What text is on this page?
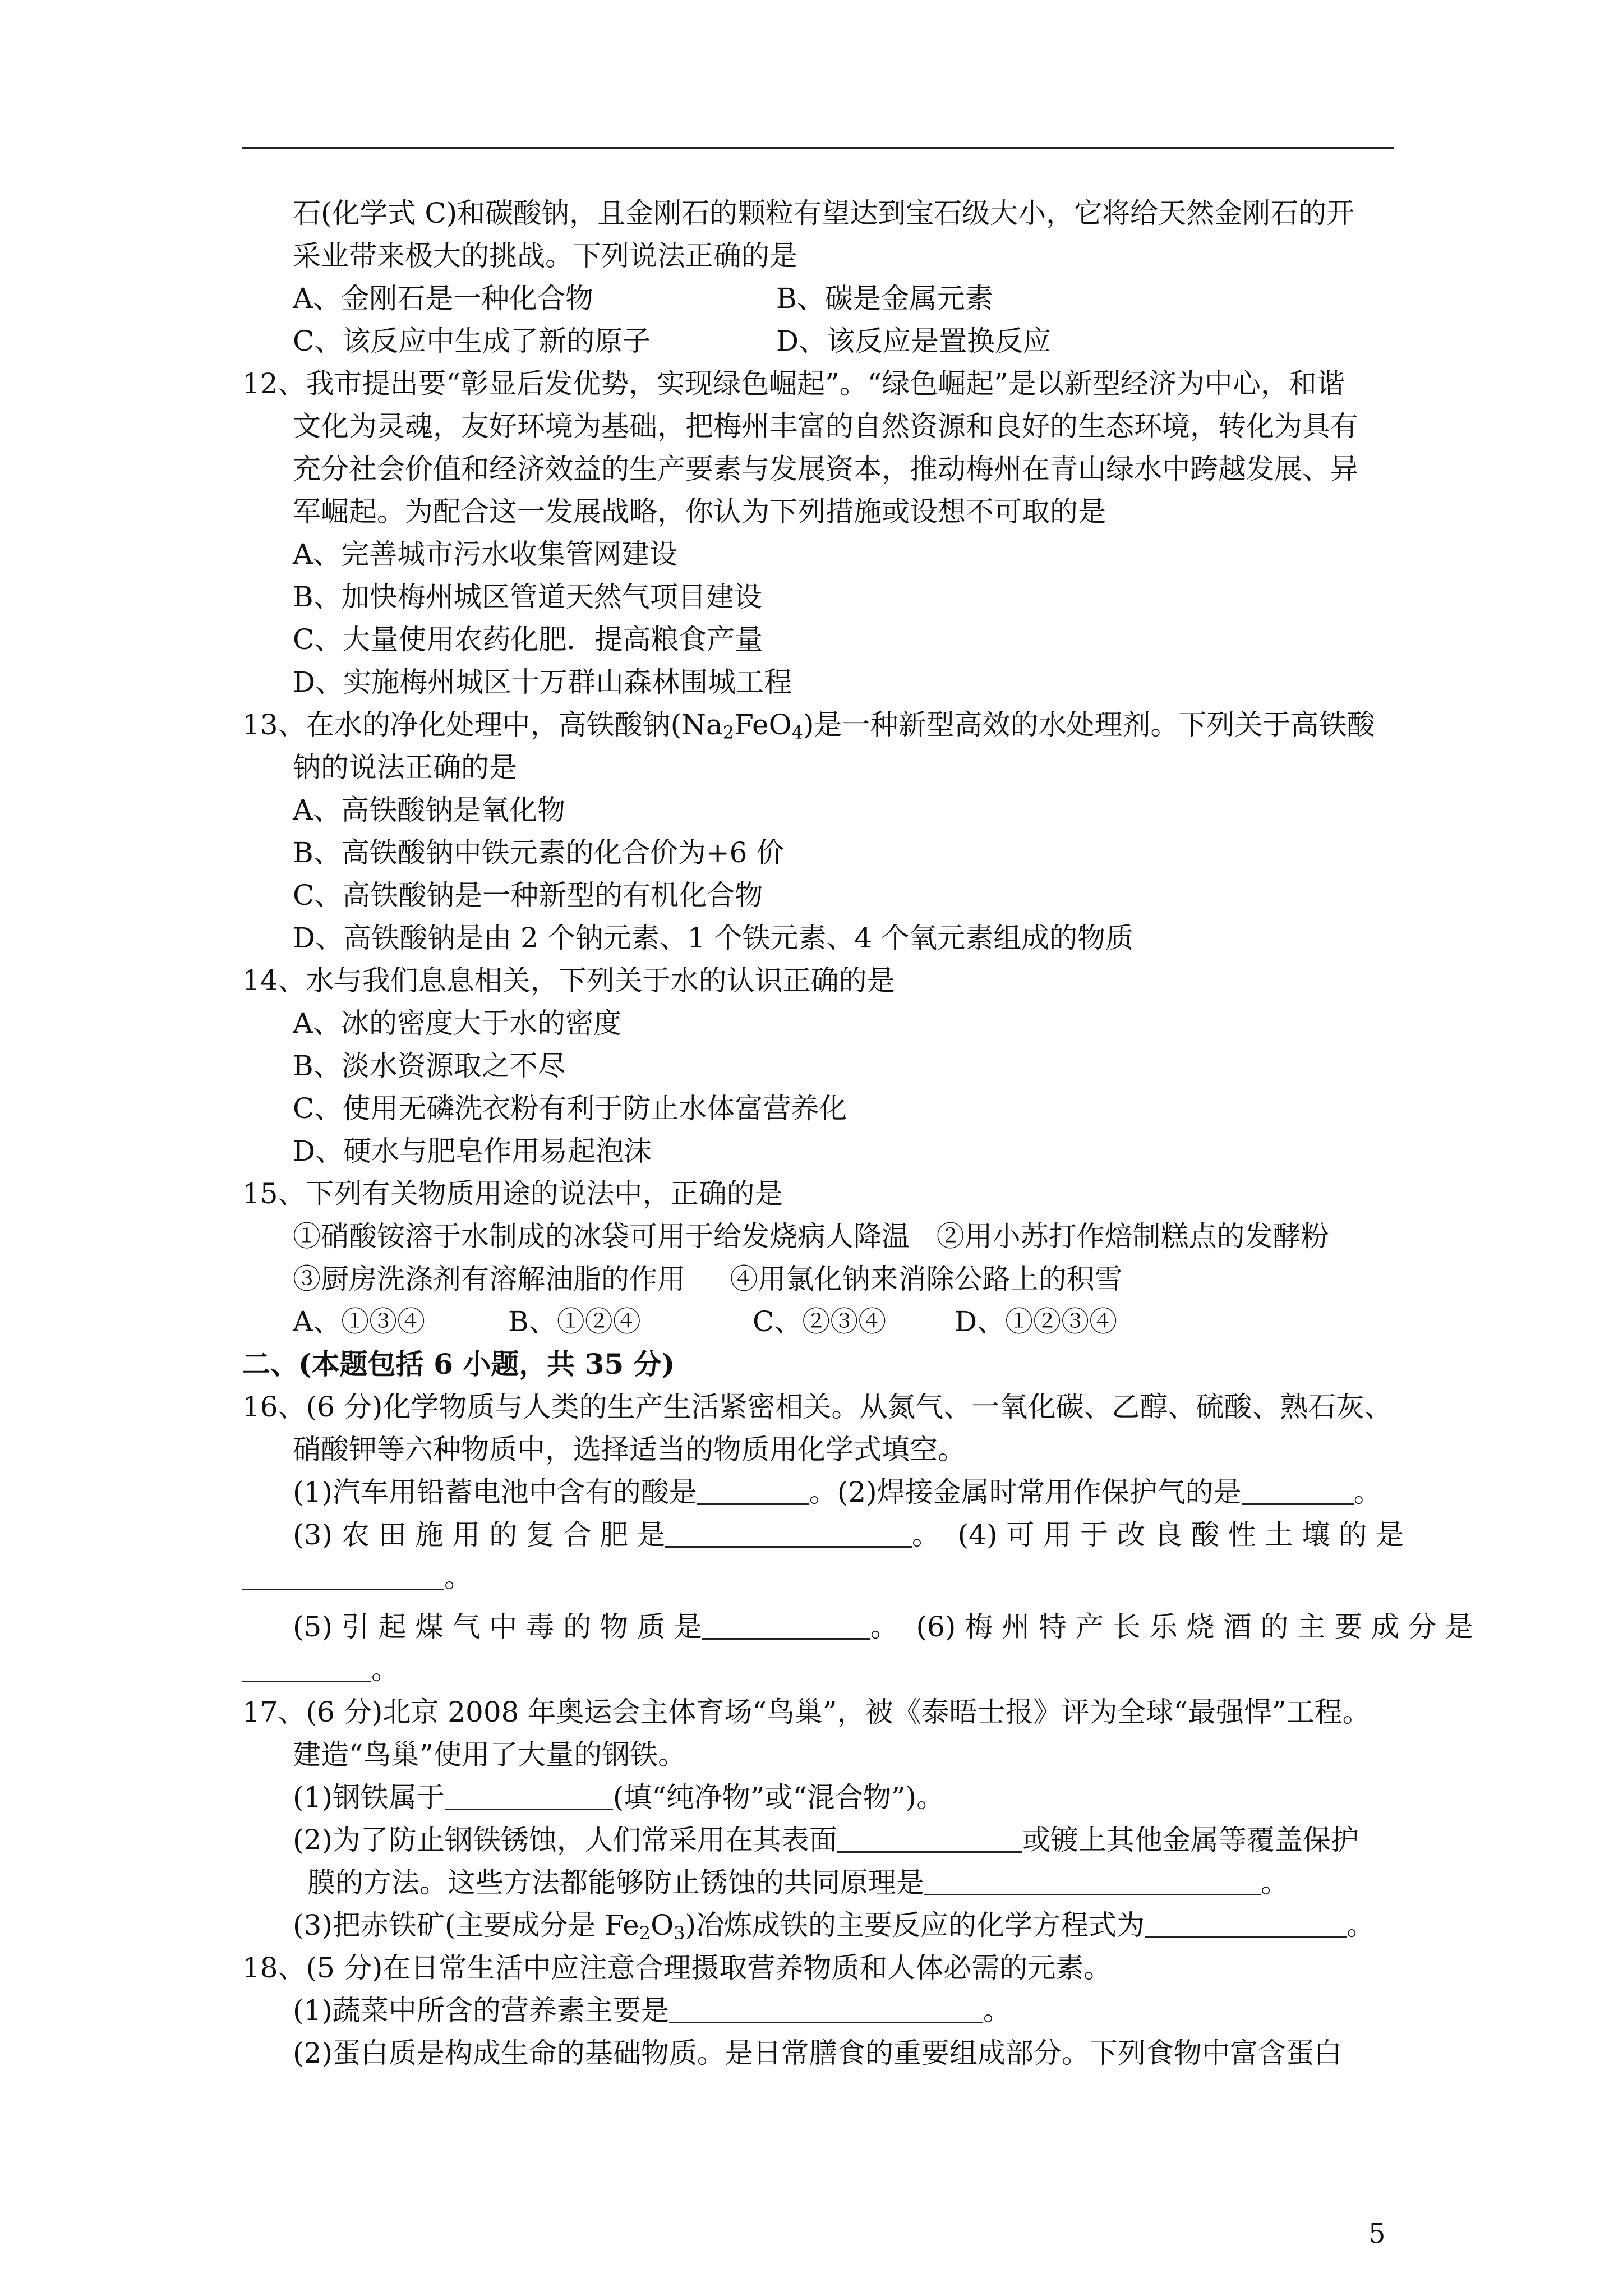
石(化学式 C)和碳酸钠，且金刚石的颗粒有望达到宝石级大小，它将给天然金刚石的开
采业带来极大的挑战。下列说法正确的是
A、金刚石是一种化合物	B、碳是金属元素
C、该反应中生成了新的原子	D、该反应是置换反应
12、我市提出要“彰显后发优势，实现绿色崛起”。“绿色崛起”是以新型经济为中心，和谐
文化为灵魂，友好环境为基础，把梅州丰富的自然资源和良好的生态环境，转化为具有
充分社会价值和经济效益的生产要素与发展资本，推动梅州在青山绿水中跨越发展、异
军崛起。为配合这一发展战略，你认为下列措施或设想不可取的是
A、完善城市污水收集管网建设
B、加快梅州城区管道天然气项目建设
C、大量使用农药化肥．提高粮食产量
D、实施梅州城区十万群山森林围城工程
13、在水的净化处理中，高铁酸钠$(Na_2FeO_4)$是一种新型高效的水处理剂。下列关于高铁酸
钠的说法正确的是
A、高铁酸钠是氧化物
B、高铁酸钠中铁元素的化合价为+6 价
C、高铁酸钠是一种新型的有机化合物
D、高铁酸钠是由 2 个钠元素、1 个铁元素、4 个氧元素组成的物质
14、水与我们息息相关，下列关于水的认识正确的是
A、冰的密度大于水的密度
B、淡水资源取之不尽
C、使用无磷洗衣粉有利于防止水体富营养化
D、硬水与肥皂作用易起泡沫
15、下列有关物质用途的说法中，正确的是
①硝酸铵溶于水制成的冰袋可用于给发烧病人降温   ②用小苏打作焙制糕点的发酵粉
③厨房洗涤剂有溶解油脂的作用     ④用氯化钠来消除公路上的积雪
A、①③④	B、①②④	C、②③④ D、①②③④
二、(本题包括 6 小题，共 35 分)
16、(6 分)化学物质与人类的生产生活紧密相关。从氮气、一氧化碳、乙醇、硫酸、熟石灰、
硝酸钾等六种物质中，选择适当的物质用化学式填空。
(1)汽车用铅蓄电池中含有的酸是	。(2)焊接金属时常用作保护气的是	。
(3) 农 田 施 用 的 复 合 肥 是	。  (4) 可 用 于 改 良 酸 性 土 壤 的 是
。
(5) 引 起 煤 气 中 毒 的 物 质 是	。  (6) 梅 州 特 产 长 乐 烧 酒 的 主 要 成 分 是
。
17、(6 分)北京 2008 年奥运会主体育场“鸟巢”，被《泰晤士报》评为全球“最强悍”工程。
建造“鸟巢”使用了大量的钢铁。
(1)钢铁属于	(填“纯净物”或“混合物”)。
(2)为了防止钢铁锈蚀，人们常采用在其表面	或镀上其他金属等覆盖保护
膜的方法。这些方法都能够防止锈蚀的共同原理是	。
(3)把赤铁矿(主要成分是 $Fe_2O_3$)冶炼成铁的主要反应的化学方程式为	。
18、(5 分)在日常生活中应注意合理摄取营养物质和人体必需的元素。
(1)蔬菜中所含的营养素主要是	。
(2)蛋白质是构成生命的基础物质。是日常膳食的重要组成部分。下列食物中富含蛋白
5
